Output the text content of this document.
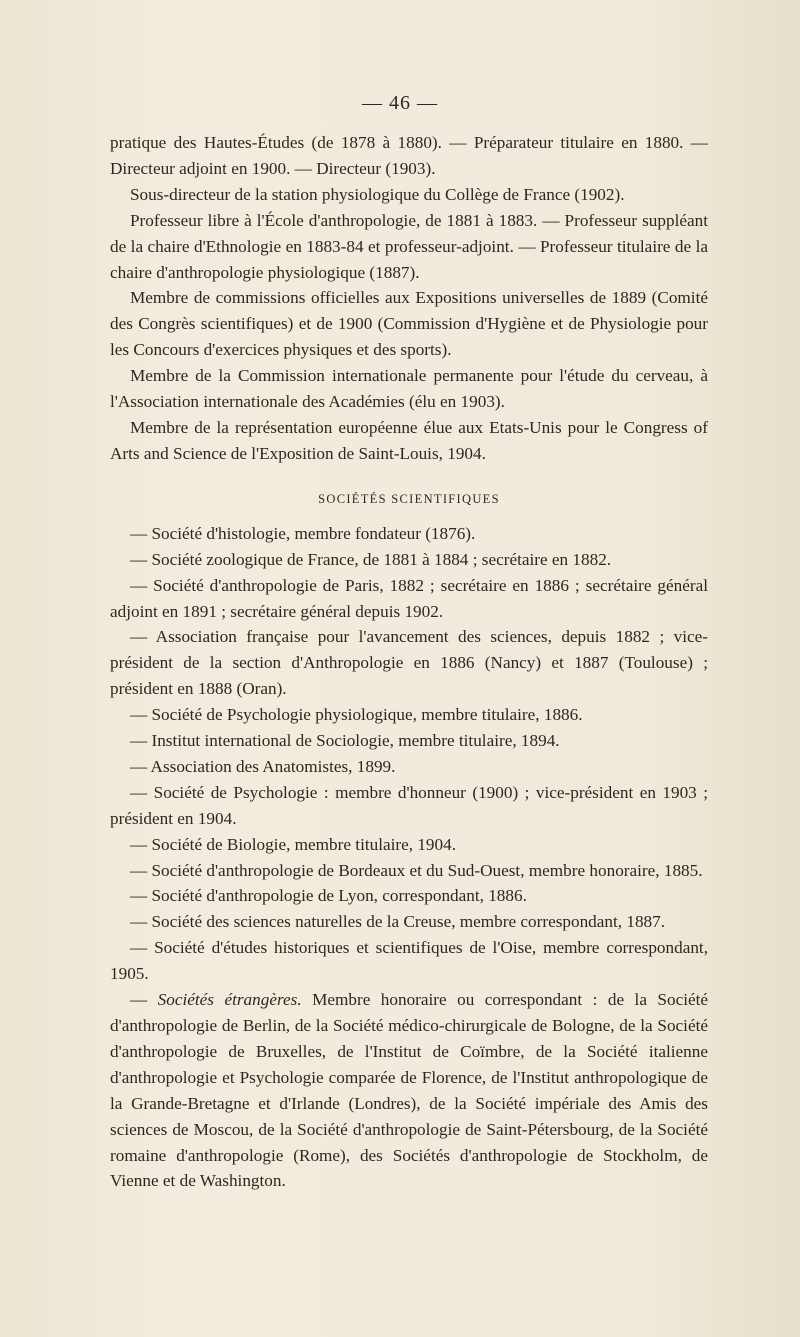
— 46 —

pratique des Hautes-Études (de 1878 à 1880). — Préparateur titulaire en 1880. — Directeur adjoint en 1900. — Directeur (1903).

Sous-directeur de la station physiologique du Collège de France (1902).

Professeur libre à l'École d'anthropologie, de 1881 à 1883. — Professeur suppléant de la chaire d'Ethnologie en 1883-84 et professeur-adjoint. — Professeur titulaire de la chaire d'anthropologie physiologique (1887).

Membre de commissions officielles aux Expositions universelles de 1889 (Comité des Congrès scientifiques) et de 1900 (Commission d'Hygiène et de Physiologie pour les Concours d'exercices physiques et des sports).

Membre de la Commission internationale permanente pour l'étude du cerveau, à l'Association internationale des Académies (élu en 1903).

Membre de la représentation européenne élue aux Etats-Unis pour le Congress of Arts and Science de l'Exposition de Saint-Louis, 1904.

SOCIÉTÉS SCIENTIFIQUES

— Société d'histologie, membre fondateur (1876).

— Société zoologique de France, de 1881 à 1884 ; secrétaire en 1882.

— Société d'anthropologie de Paris, 1882 ; secrétaire en 1886 ; secrétaire général adjoint en 1891 ; secrétaire général depuis 1902.

— Association française pour l'avancement des sciences, depuis 1882 ; vice-président de la section d'Anthropologie en 1886 (Nancy) et 1887 (Toulouse) ; président en 1888 (Oran).

— Société de Psychologie physiologique, membre titulaire, 1886.

— Institut international de Sociologie, membre titulaire, 1894.

— Association des Anatomistes, 1899.

— Société de Psychologie : membre d'honneur (1900) ; vice-président en 1903 ; président en 1904.

— Société de Biologie, membre titulaire, 1904.

— Société d'anthropologie de Bordeaux et du Sud-Ouest, membre honoraire, 1885.

— Société d'anthropologie de Lyon, correspondant, 1886.

— Société des sciences naturelles de la Creuse, membre correspondant, 1887.

— Société d'études historiques et scientifiques de l'Oise, membre correspondant, 1905.

— Sociétés étrangères. Membre honoraire ou correspondant : de la Société d'anthropologie de Berlin, de la Société médico-chirurgicale de Bologne, de la Société d'anthropologie de Bruxelles, de l'Institut de Coïmbre, de la Société italienne d'anthropologie et Psychologie comparée de Florence, de l'Institut anthropologique de la Grande-Bretagne et d'Irlande (Londres), de la Société impériale des Amis des sciences de Moscou, de la Société d'anthropologie de Saint-Pétersbourg, de la Société romaine d'anthropologie (Rome), des Sociétés d'anthropologie de Stockholm, de Vienne et de Washington.
